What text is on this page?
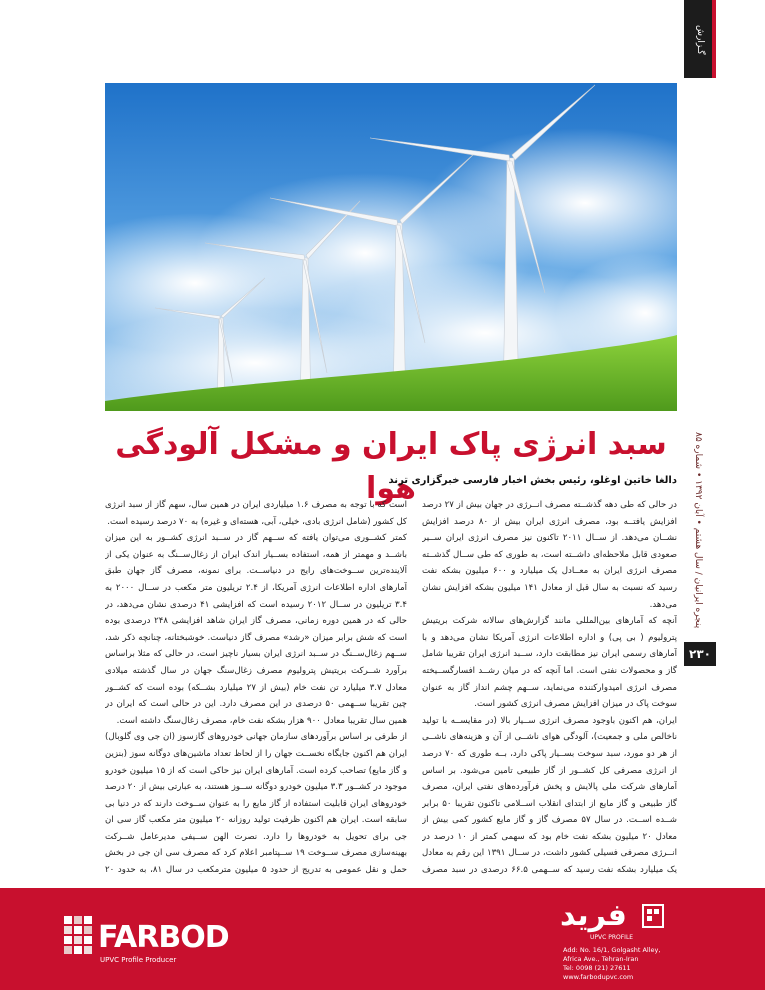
گـزارش
پنجره ایرانیان / سال هشتم • آبان ۱۳۹۲ • شماره ۸۵
۲۳۰
سبد انرژی پاک ایران و مشکل آلودگی هوا
دالغا خاتین اوغلو، رئیس بخش اخبار فارسی خبرگزاری ترند

در حالی که طی دهه گذشــته مصرف انــرژی در جهان بیش از ۲۷ درصد افزایش یافتــه بود، مصرف انرژی ایران بیش از ۸۰ درصد افزایش نشــان می‌دهد. از ســال ۲۰۱۱ تاکنون نیز مصرف انرژی ایران ســیر صعودی قابل ملاحظه‌ای داشــته است، به طوری که طی ســال گذشــته مصرف انرژی ایران به معــادل یک میلیارد و ۶۰۰ میلیون بشکه نفت رسید که نسبت به سال قبل از معادل ۱۴۱ میلیون بشکه افزایش نشان می‌دهد.

آنچه که آمارهای بین‌المللی مانند گزارش‌های سالانه شرکت بریتیش پترولیوم ( بی پی) و اداره اطلاعات انرژی آمریکا نشان می‌دهد و با آمارهای رسمی ایران نیز مطابقت دارد، ســبد انرژی ایران تقریبا شامل گاز و محصولات نفتی است. اما آنچه که در میان رشــد افسارگســیخته مصرف انرژی امیدوارکننده می‌نماید، ســهم چشم انداز گاز به عنوان سوخت پاک در میزان افزایش مصرف انرژی کشور است.

ایران، هم اکنون باوجود مصرف انرژی ســیار بالا (در مقایســه با تولید ناخالص ملی و جمعیت)، آلودگی هوای ناشــی از آن و هزینه‌های ناشــی از هر دو مورد، سبد سوخت بســیار پاکی دارد، بــه طوری که ۷۰ درصد از انرژی مصرفی کل کشــور از گاز طبیعی تامین می‌شود. بر اساس آمارهای شرکت ملی پالایش و پخش فرآورده‌های نفتی ایران، مصرف گاز طبیعی و گاز مایع از ابتدای انقلاب اســلامی تاکنون تقریبا ۵۰ برابر شــده اســت. در سال ۵۷ مصرف گاز و گاز مایع کشور کمی بیش از معادل ۲۰ میلیون بشکه نفت خام بود که سهمی کمتر از ۱۰ درصد در انــرژی مصرفی فسیلی کشور داشت، در ســال ۱۳۹۱ این رقم به معادل یک میلیارد بشکه نفت رسید که ســهمی ۶۶.۵ درصدی در سبد مصرف

است که با توجه به مصرف ۱.۶ میلیاردی ایران در همین سال، سهم گاز از سبد انرژی کل کشور (شامل انرژی بادی، خیلی، آبی، هسته‌ای و غیره) به ۷۰ درصد رسیده است.

کمتر کشــوری می‌توان یافته که ســهم گاز در ســبد انرژی کشــور به این میزان باشــد و مهمتر از همه، استفاده بســیار اندک ایران از زغال‌ســنگ به عنوان یکی از آلاینده‌ترین ســوخت‌های رایج در دنیاســت. برای نمونه، مصرف گاز جهان طبق آمارهای اداره اطلاعات انرژی آمریکا، از ۲.۴ تریلیون متر مکعب در ســال ۲۰۰۰ به ۳.۴ تریلیون در ســال ۲۰۱۲ رسیده است که افزایشی ۴۱ درصدی نشان می‌دهد، در حالی که در همین دوره زمانی، مصرف گاز ایران شاهد افزایشی ۲۴۸ درصدی بوده است که شش برابر میزان «رشد» مصرف گاز دنیاست. خوشبختانه، چنانچه ذکر شد، ســهم زغال‌ســنگ در ســبد انرژی ایران بسیار ناچیز است، در حالی که مثلا براساس برآورد شــرکت بریتیش پترولیوم مصرف زغال‌سنگ جهان در سال گذشته میلادی معادل ۳.۷ میلیارد تن نفت خام (بیش از ۲۷ میلیارد بشــکه) بوده است که کشــور چین تقریبا ســهمی ۵۰ درصدی در این مصرف دارد. این در حالی است که ایران در همین سال تقریبا معادل ۹۰۰ هزار بشکه نفت خام، مصرف زغال‌سنگ داشته است.

از طرفی بر اساس برآوردهای سازمان جهانی خودروهای گازسوز (ان جی وی گلوبال) ایران هم اکنون جایگاه نخســت جهان را از لحاظ تعداد ماشین‌های دوگانه سوز (بنزین و گاز مایع) تصاحب کرده است. آمارهای ایران نیز حاکی است که از ۱۵ میلیون خودرو موجود در کشــور ۳.۳ میلیون خودرو دوگانه ســوز هستند، به عبارتی بیش از ۲۰ درصد خودروهای ایران قابلیت استفاده از گاز مایع را به عنوان ســوخت دارند که در دنیا بی سابقه است. ایران هم اکنون ظرفیت تولید روزانه ۲۰ میلیون متر مکعب گاز سی ان جی برای تحویل به خودروها را دارد. نصرت الهن ســیفی مدیرعامل شــرکت بهینه‌سازی مصرف ســوخت ۱۹ ســپتامبر اعلام کرد که مصرف سی ان جی در بخش حمل و نقل عمومی به تدریج از حدود ۵ میلیون مترمکعب در سال ۸۱، به حدود ۲۰

FARBOD
UPVC Profile Producer
فرید
UPVC PROFILE
Add: No. 16/1, Golgasht Alley,
Africa Ave., Tehran-Iran
Tel: 0098 (21) 27611
www.farbodupvc.com
